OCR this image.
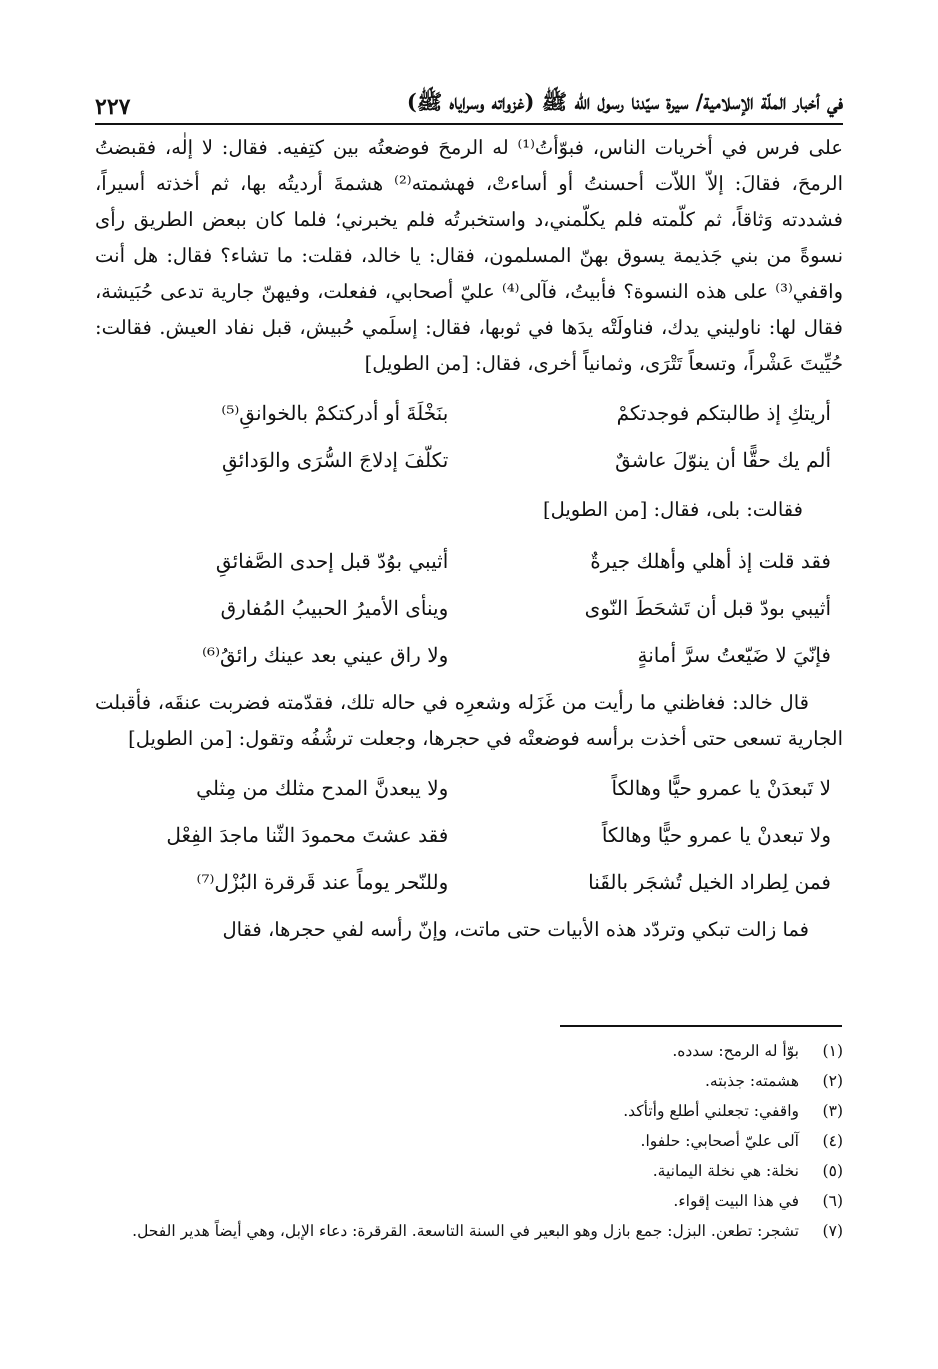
في أخبار الملّة الإسلامية/ سيرة سيّدنا رسول الله ﷺ (غزواته وسراياه ﷺ)
٢٢٧

على فرس في أخريات الناس، فبوّأتُ⁽¹⁾ له الرمحَ فوضعتُه بين كتِفيه. فقال: لا إلٰه، فقبضتُ الرمحَ، فقالَ: إلاّ اللاّت أحسنتُ أو أساءتْ، فهشمته⁽²⁾ هشمةَ أرديتُه بها، ثم أخذته أسيراً، فشددته وَثاقاً، ثم كلّمته فلم يكلّمني،د واستخبرتُه فلم يخبرني؛ فلما كان ببعض الطريق رأى نسوةً من بني جَذيمة يسوق بهنّ المسلمون، فقال: يا خالد، فقلت: ما تشاء؟ فقال: هل أنت واقفي⁽³⁾ على هذه النسوة؟ فأبيتُ، فآلى⁽⁴⁾ عليّ أصحابي، ففعلت، وفيهنّ جارية تدعى حُبَيشة، فقال لها: ناوليني يدك، فناولَتْه يدَها في ثوبها، فقال: إسلَمي حُبيش، قبل نفاد العيش. فقالت: حُيِّيتَ عَشْراً، وتسعاً تَتْرَى، وثمانياً أخرى، فقال: [من الطويل]

أريتكِ إذ طالبتكم فوجدتكمْ
بنَخْلَةَ أو أدركتكمْ بالخوانقِ⁽⁵⁾
ألم يك حقًّا أن ينوّلَ عاشقٌ
تكلّفَ إدلاجَ السُّرَى والوَدائقِ

فقالت: بلى، فقال: [من الطويل]

فقد قلت إذ أهلي وأهلك جيرةٌ
أثيبي بوُدّ قبل إحدى الصَّفائقِ
أثيبي بودّ قبل أن تَشحَطَ النّوى
وينأى الأميرُ الحبيبُ المُفارق
فإنّيَ لا ضَيّعتُ سرَّ أمانةٍ
ولا راق عيني بعد عينك رائقُ⁽⁶⁾

قال خالد: فغاظني ما رأيت من غَزَله وشعرِه في حاله تلك، فقدّمته فضربت عنقَه، فأقبلت الجارية تسعى حتى أخذت برأسه فوضعتْه في حجرها، وجعلت ترشُفُه وتقول: [من الطويل]

لا تَبعدَنْ يا عمرو حيًّا وهالكاً
ولا يبعدنَّ المدح مثلك من مِثلي
ولا تبعدنْ يا عمرو حيًّا وهالكاً
فقد عشتَ محمودَ الثّنا ماجدَ الفِعْل
فمن لِطراد الخيل تُشجَر بالقَنا
وللنّحر يوماً عند قَرقرة البُزْل⁽⁷⁾

فما زالت تبكي وتردّد هذه الأبيات حتى ماتت، وإنّ رأسه لفي حجرها، فقال

(١)
بوّأ له الرمح: سدده.
(٢)
هشمته: جذبته.
(٣)
واقفي: تجعلني أطلع وأتأكد.
(٤)
آلى عليّ أصحابي: حلفوا.
(٥)
نخلة: هي نخلة اليمانية.
(٦)
في هذا البيت إقواء.
(٧)
تشجر: تطعن. البزل: جمع بازل وهو البعير في السنة التاسعة. القرقرة: دعاء الإبل، وهي أيضاً هدير الفحل.
